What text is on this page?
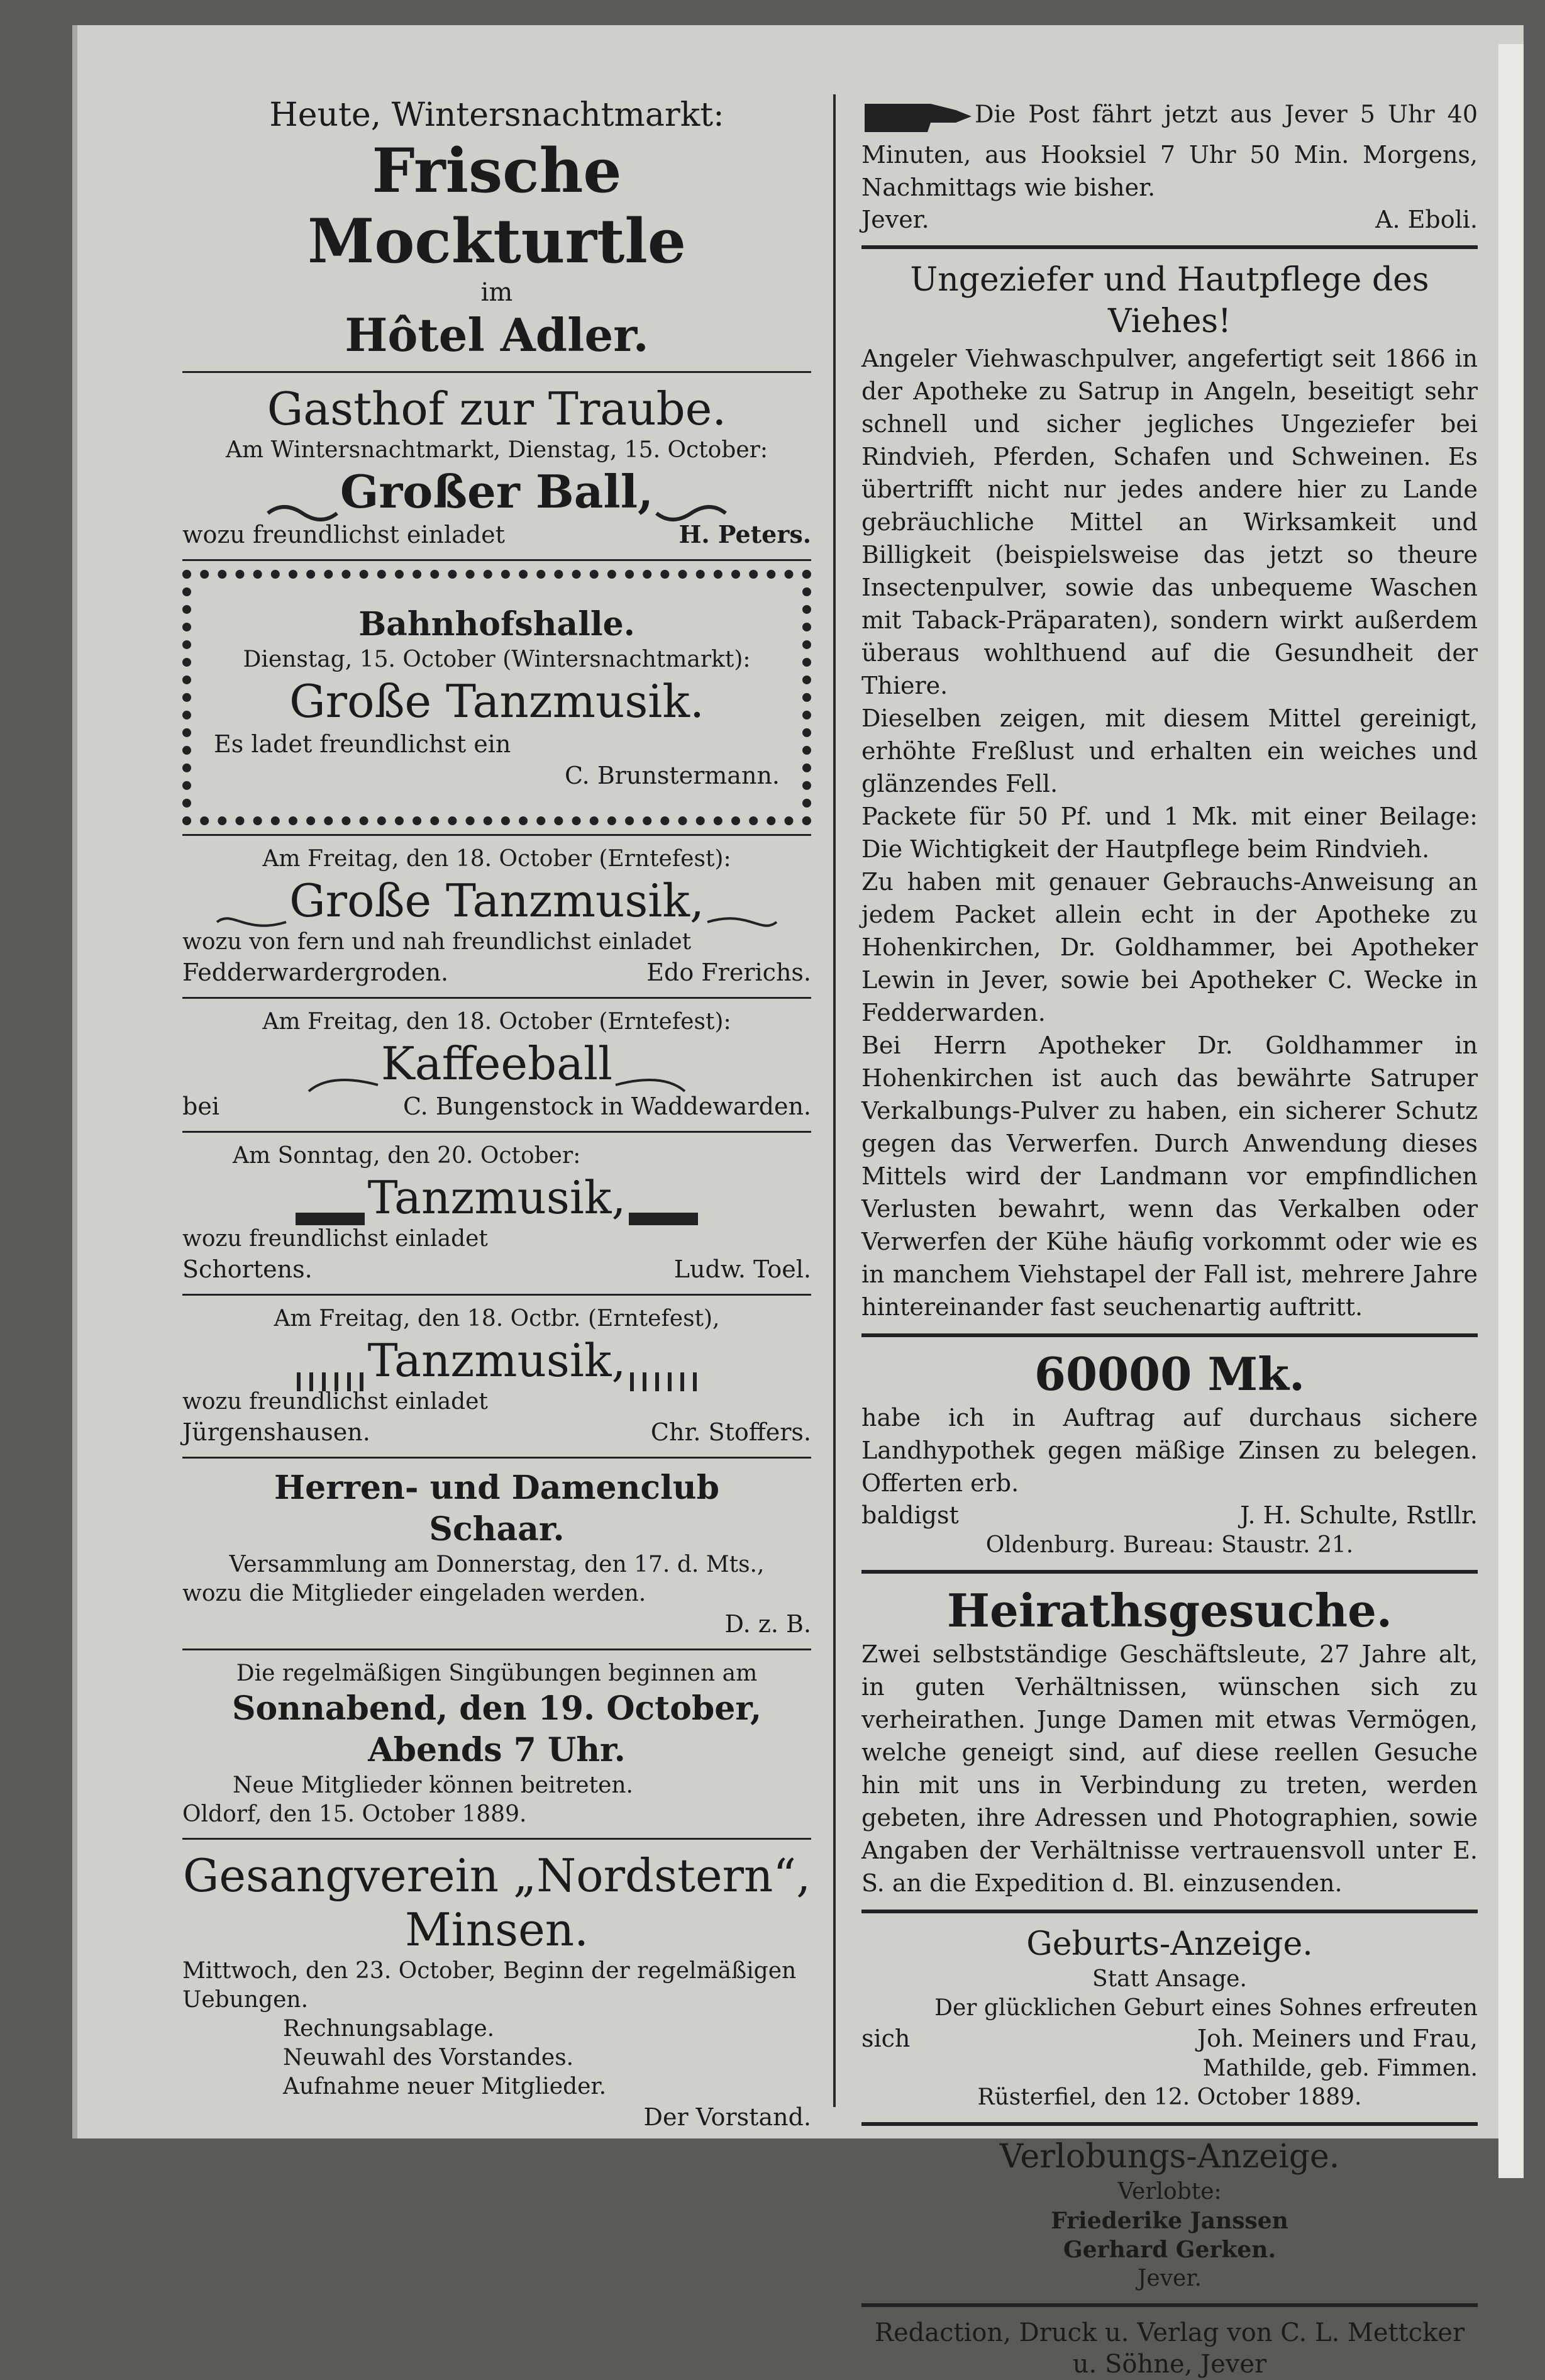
Heute, Wintersnachtmarkt:
Frische Mockturtle
im
Hôtel Adler.
Gasthof zur Traube.
Am Wintersnachtmarkt, Dienstag, 15. October:
Großer Ball,
wozu freundlichst einladet	H. Peters.
Bahnhofshalle.
Dienstag, 15. October (Wintersnachtmarkt):
Große Tanzmusik.
Es ladet freundlichst ein
C. Brunstermann.
Am Freitag, den 18. October (Erntefest):
Große Tanzmusik,
wozu von fern und nah freundlichst einladet
Fedderwardergroden.	Edo Frerichs.
Am Freitag, den 18. October (Erntefest):
Kaffeeball
bei	C. Bungenstock in Waddewarden.
Am Sonntag, den 20. October:
Tanzmusik,
wozu freundlichst einladet
Schortens.	Ludw. Toel.
Am Freitag, den 18. Octbr. (Erntefest),
Tanzmusik,
wozu freundlichst einladet
Jürgenshausen.	Chr. Stoffers.
Herren- und Damenclub
Schaar.
Versammlung am Donnerstag, den 17. d. Mts.,
wozu die Mitglieder eingeladen werden.
D. z. B.
Die regelmäßigen Singübungen beginnen am
Sonnabend, den 19. October,
Abends 7 Uhr.
Neue Mitglieder können beitreten.
Oldorf, den 15. October 1889.
Gesangverein „Nordstern“,
Minsen.
Mittwoch, den 23. October, Beginn der regelmäßigen Uebungen.
Rechnungsablage.
Neuwahl des Vorstandes.
Aufnahme neuer Mitglieder.
Der Vorstand.
Die Post fährt jetzt aus Jever 5 Uhr 40 Minuten, aus Hooksiel 7 Uhr 50 Min. Morgens, Nachmittags wie bisher.
Jever.	A. Eboli.
Ungeziefer und Hautpflege des Viehes!
Angeler Viehwaschpulver, angefertigt seit 1866 in der Apotheke zu Satrup in Angeln, beseitigt sehr schnell und sicher jegliches Ungeziefer bei Rindvieh, Pferden, Schafen und Schweinen. Es übertrifft nicht nur jedes andere hier zu Lande gebräuchliche Mittel an Wirksamkeit und Billigkeit (beispielsweise das jetzt so theure Insectenpulver, sowie das unbequeme Waschen mit Taback-Präparaten), sondern wirkt außerdem überaus wohlthuend auf die Gesundheit der Thiere.
Dieselben zeigen, mit diesem Mittel gereinigt, erhöhte Freßlust und erhalten ein weiches und glänzendes Fell.
Packete für 50 Pf. und 1 Mk. mit einer Beilage: Die Wichtigkeit der Hautpflege beim Rindvieh.
Zu haben mit genauer Gebrauchs-Anweisung an jedem Packet allein echt in der Apotheke zu Hohenkirchen, Dr. Goldhammer, bei Apotheker Lewin in Jever, sowie bei Apotheker C. Wecke in Fedderwarden.
Bei Herrn Apotheker Dr. Goldhammer in Hohenkirchen ist auch das bewährte Satruper Verkalbungs-Pulver zu haben, ein sicherer Schutz gegen das Verwerfen. Durch Anwendung dieses Mittels wird der Landmann vor empfindlichen Verlusten bewahrt, wenn das Verkalben oder Verwerfen der Kühe häufig vorkommt oder wie es in manchem Viehstapel der Fall ist, mehrere Jahre hintereinander fast seuchenartig auftritt.
60000 Mk.
habe ich in Auftrag auf durchaus sichere Landhypothek gegen mäßige Zinsen zu belegen. Offerten erb.
baldigst	J. H. Schulte, Rstllr.
Oldenburg. Bureau: Staustr. 21.
Heirathsgesuche.
Zwei selbstständige Geschäftsleute, 27 Jahre alt, in guten Verhältnissen, wünschen sich zu verheirathen. Junge Damen mit etwas Vermögen, welche geneigt sind, auf diese reellen Gesuche hin mit uns in Verbindung zu treten, werden gebeten, ihre Adressen und Photographien, sowie Angaben der Verhältnisse vertrauensvoll unter E. S. an die Expedition d. Bl. einzusenden.
Geburts-Anzeige.
Statt Ansage.
Der glücklichen Geburt eines Sohnes erfreuten
sich	Joh. Meiners und Frau,
Mathilde, geb. Fimmen.
Rüsterfiel, den 12. October 1889.
Verlobungs-Anzeige.
Verlobte:
Friederike Janssen
Gerhard Gerken.
Jever.
Redaction, Druck u. Verlag von C. L. Mettcker u. Söhne, Jever
